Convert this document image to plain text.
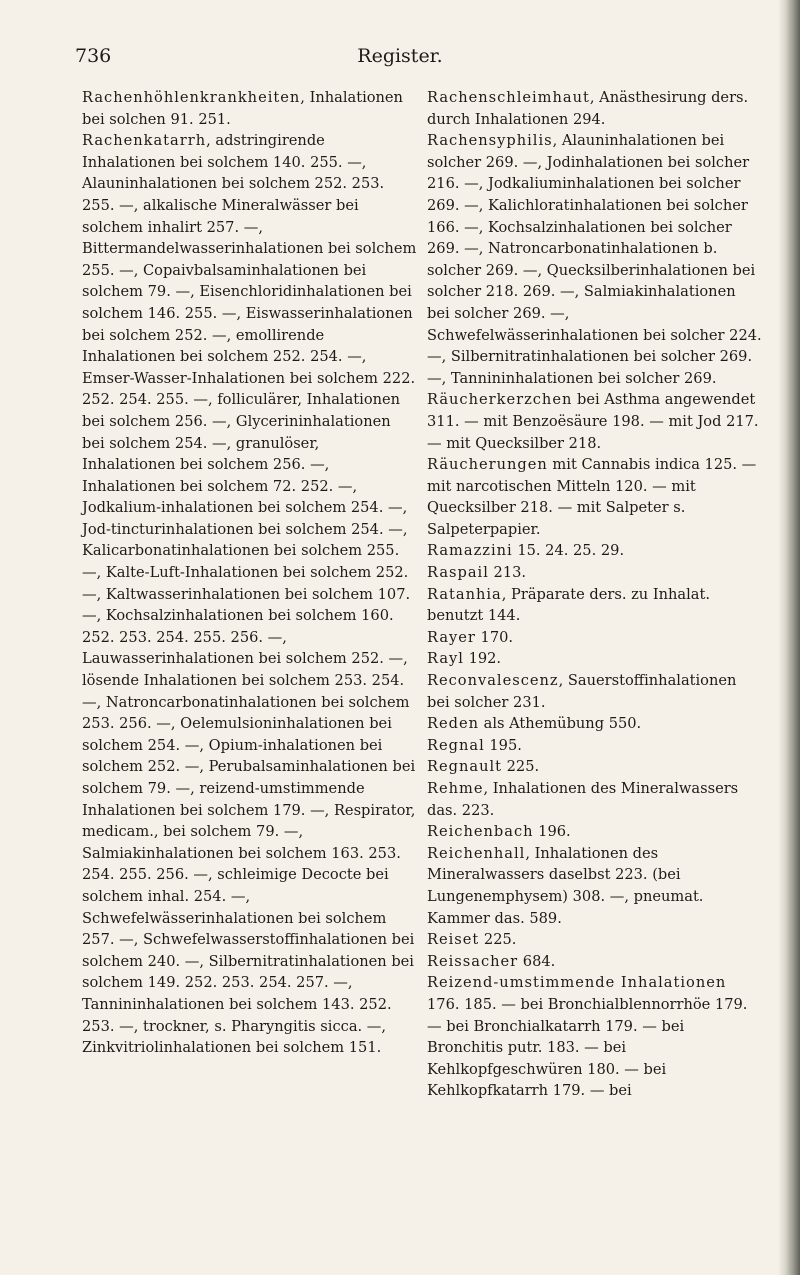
736	Register.

Rachenhöhlenkrankheiten, Inhalationen bei solchen 91. 251.

Rachenkatarrh, adstringirende Inhalationen bei solchem 140. 255. —, Alauninhalationen bei solchem 252. 253. 255. —, alkalische Mineralwässer bei solchem inhalirt 257. —, Bittermandelwasserinhalationen bei solchem 255. —, Copaivbalsaminhalationen bei solchem 79. —, Eisenchloridinhalationen bei solchem 146. 255. —, Eiswasserinhalationen bei solchem 252. —, emollirende Inhalationen bei solchem 252. 254. —, Emser-Wasser-Inhalationen bei solchem 222. 252. 254. 255. —, folliculärer, Inhalationen bei solchem 256. —, Glycerininhalationen bei solchem 254. —, granulöser, Inhalationen bei solchem 256. —, Inhalationen bei solchem 72. 252. —, Jodkalium-inhalationen bei solchem 254. —, Jod-tincturinhalationen bei solchem 254. —, Kalicarbonatinhalationen bei solchem 255. —, Kalte-Luft-Inhalationen bei solchem 252. —, Kaltwasserinhalationen bei solchem 107. —, Kochsalzinhalationen bei solchem 160. 252. 253. 254. 255. 256. —, Lauwasserinhalationen bei solchem 252. —, lösende Inhalationen bei solchem 253. 254. —, Natroncarbonatinhalationen bei solchem 253. 256. —, Oelemulsioninhalationen bei solchem 254. —, Opium-inhalationen bei solchem 252. —, Perubalsaminhalationen bei solchem 79. —, reizend-umstimmende Inhalationen bei solchem 179. —, Respirator, medicam., bei solchem 79. —, Salmiakinhalationen bei solchem 163. 253. 254. 255. 256. —, schleimige Decocte bei solchem inhal. 254. —, Schwefelwässerinhalationen bei solchem 257. —, Schwefelwasserstoffinhalationen bei solchem 240. —, Silbernitratinhalationen bei solchem 149. 252. 253. 254. 257. —, Tannininhalationen bei solchem 143. 252. 253. —, trockner, s. Pharyngitis sicca. —, Zinkvitriolinhalationen bei solchem 151.

Rachenschleimhaut, Anästhesirung ders. durch Inhalationen 294.

Rachensyphilis, Alauninhalationen bei solcher 269. —, Jodinhalationen bei solcher 216. —, Jodkaliuminhalationen bei solcher 269. —, Kalichloratinhalationen bei solcher 166. —, Kochsalzinhalationen bei solcher 269. —, Natroncarbonatinhalationen b. solcher 269. —, Quecksilberinhalationen bei solcher 218. 269. —, Salmiakinhalationen bei solcher 269. —, Schwefelwässerinhalationen bei solcher 224. —, Silbernitratinhalationen bei solcher 269. —, Tannininhalationen bei solcher 269.

Räucherkerzchen bei Asthma angewendet 311. — mit Benzoësäure 198. — mit Jod 217. — mit Quecksilber 218.

Räucherungen mit Cannabis indica 125. — mit narcotischen Mitteln 120. — mit Quecksilber 218. — mit Salpeter s. Salpeterpapier.

Ramazzini 15. 24. 25. 29.

Raspail 213.

Ratanhia, Präparate ders. zu Inhalat. benutzt 144.

Rayer 170.

Rayl 192.

Reconvalescenz, Sauerstoffinhalationen bei solcher 231.

Reden als Athemübung 550.

Regnal 195.

Regnault 225.

Rehme, Inhalationen des Mineralwassers das. 223.

Reichenbach 196.

Reichenhall, Inhalationen des Mineralwassers daselbst 223. (bei Lungenemphysem) 308. —, pneumat. Kammer das. 589.

Reiset 225.

Reissacher 684.

Reizend-umstimmende Inhalationen 176. 185. — bei Bronchialblennorrhöe 179. — bei Bronchialkatarrh 179. — bei Bronchitis putr. 183. — bei Kehlkopfgeschwüren 180. — bei Kehlkopfkatarrh 179. — bei
